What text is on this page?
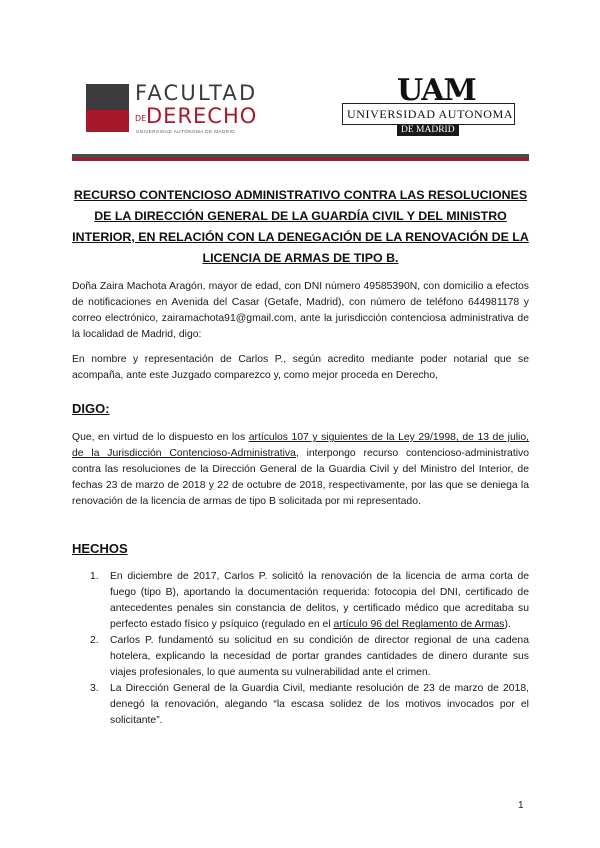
FACULTAD
DEDERECHO
UNIVERSIDAD AUTÓNOMA DE MADRID
UAM
UNIVERSIDAD AUTONOMA
DE MADRID
RECURSO CONTENCIOSO ADMINISTRATIVO CONTRA LAS RESOLUCIONES DE LA DIRECCIÓN GENERAL DE LA GUARDÍA CIVIL Y DEL MINISTRO INTERIOR, EN RELACIÓN CON LA DENEGACIÓN DE LA RENOVACIÓN DE LA LICENCIA DE ARMAS DE TIPO B.

Doña Zaira Machota Aragón, mayor de edad, con DNI número 49585390N, con domicilio a efectos de notificaciones en Avenida del Casar (Getafe, Madrid), con número de teléfono 644981178 y correo electrónico, zairamachota91@gmail.com, ante la jurisdicción contenciosa administrativa de la localidad de Madrid, digo:

En nombre y representación de Carlos P., según acredito mediante poder notarial que se acompaña, ante este Juzgado comparezco y, como mejor proceda en Derecho,

DIGO:

Que, en virtud de lo dispuesto en los artículos 107 y siguientes de la Ley 29/1998, de 13 de julio, de la Jurisdicción Contencioso-Administrativa, interpongo recurso contencioso-administrativo contra las resoluciones de la Dirección General de la Guardia Civil y del Ministro del Interior, de fechas 23 de marzo de 2018 y 22 de octubre de 2018, respectivamente, por las que se deniega la renovación de la licencia de armas de tipo B solicitada por mi representado.

HECHOS

1. En diciembre de 2017, Carlos P. solicitó la renovación de la licencia de arma corta de fuego (tipo B), aportando la documentación requerida: fotocopia del DNI, certificado de antecedentes penales sin constancia de delitos, y certificado médico que acreditaba su perfecto estado físico y psíquico (regulado en el artículo 96 del Reglamento de Armas).

2. Carlos P. fundamentó su solicitud en su condición de director regional de una cadena hotelera, explicando la necesidad de portar grandes cantidades de dinero durante sus viajes profesionales, lo que aumenta su vulnerabilidad ante el crimen.

3. La Dirección General de la Guardia Civil, mediante resolución de 23 de marzo de 2018, denegó la renovación, alegando “la escasa solidez de los motivos invocados por el solicitante”.

1
